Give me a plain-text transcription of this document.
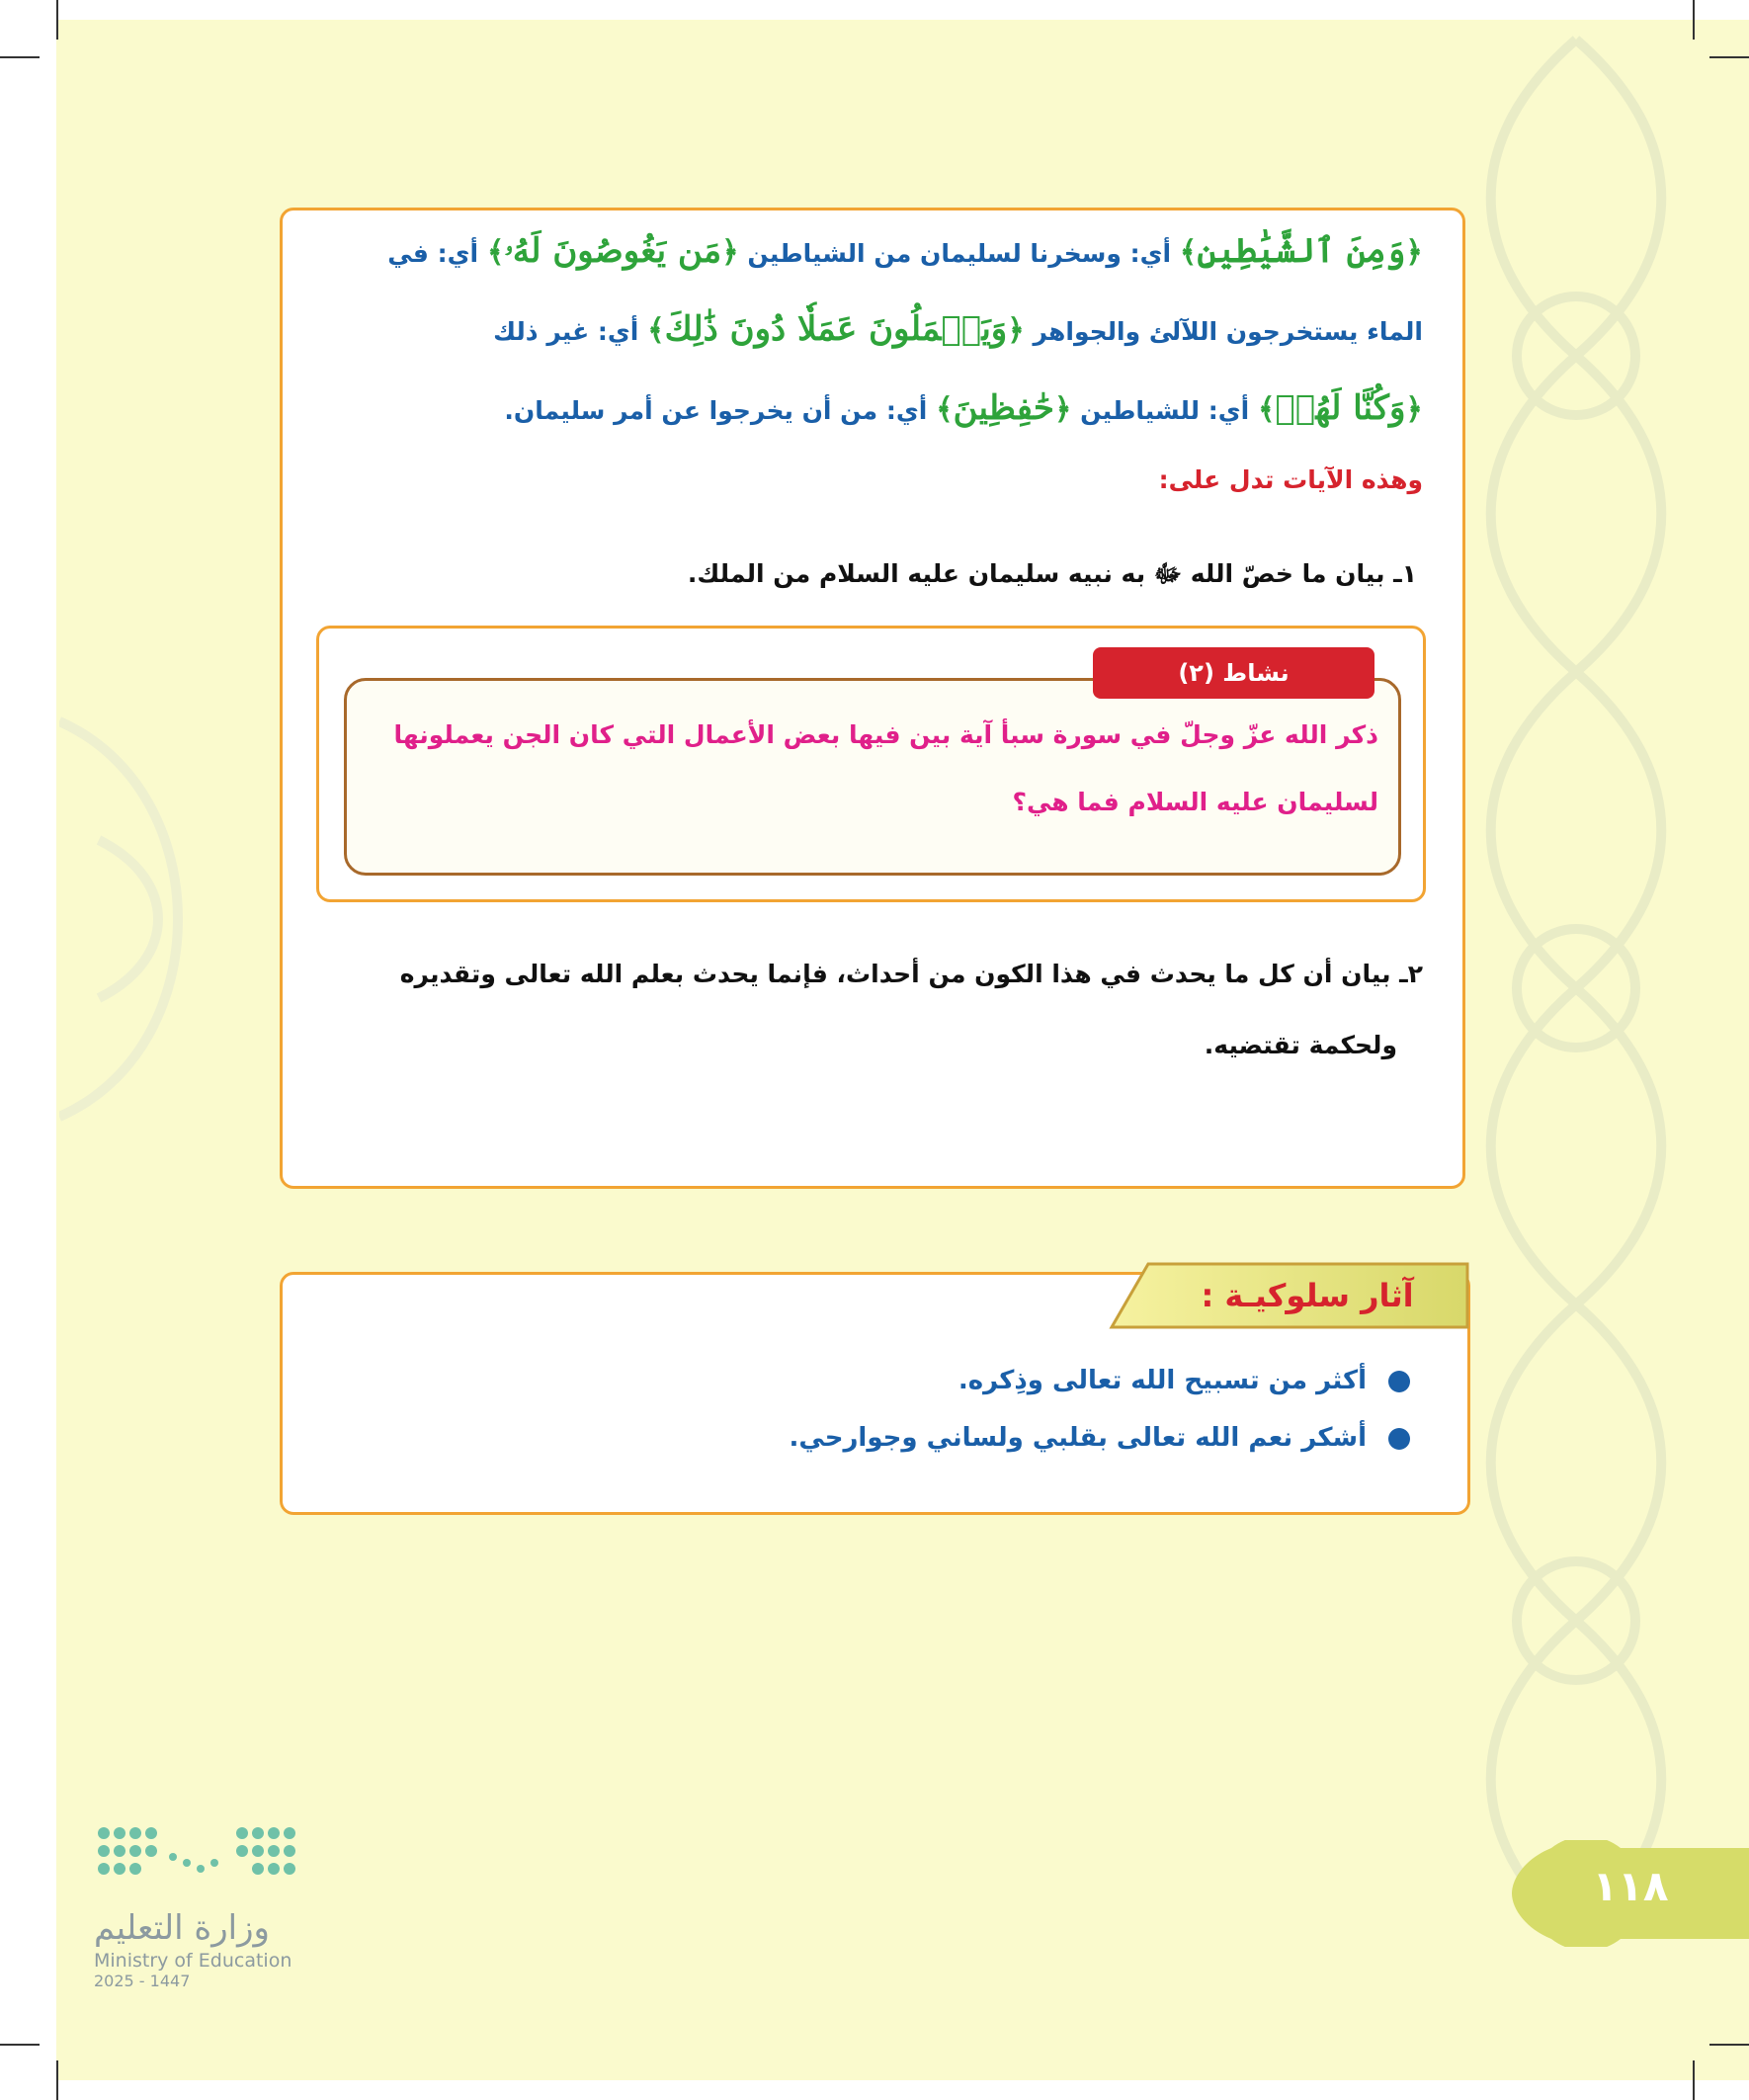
﴿وَمِنَ ٱلشَّيَٰطِينِ﴾ أي: وسخرنا لسليمان من الشياطين ﴿مَن يَغُوصُونَ لَهُۥ﴾ أي: في
الماء يستخرجون اللآلئ والجواهر ﴿وَيَعۡمَلُونَ عَمَلٗا دُونَ ذَٰلِكَ﴾ أي: غير ذلك
﴿وَكُنَّا لَهُمۡ﴾ أي: للشياطين ﴿حَٰفِظِينَ﴾ أي: من أن يخرجوا عن أمر سليمان.
وهذه الآيات تدل على:
١ـ بيان ما خصّ الله ﷻ به نبيه سليمان عليه السلام من الملك.
ذكر الله عزّ وجلّ في سورة سبأ آية بين فيها بعض الأعمال التي كان الجن يعملونها
لسليمان عليه السلام فما هي؟
نشاط (٢)
٢ـ بيان أن كل ما يحدث في هذا الكون من أحداث، فإنما يحدث بعلم الله تعالى وتقديره
ولحكمة تقتضيه.
أكثر من تسبيح الله تعالى وذِكره.
أشكر نعم الله تعالى بقلبي ولساني وجوارحي.
آثار سلوكيـة :
١١٨
وزارة التعليم
Ministry of Education
2025 - 1447
